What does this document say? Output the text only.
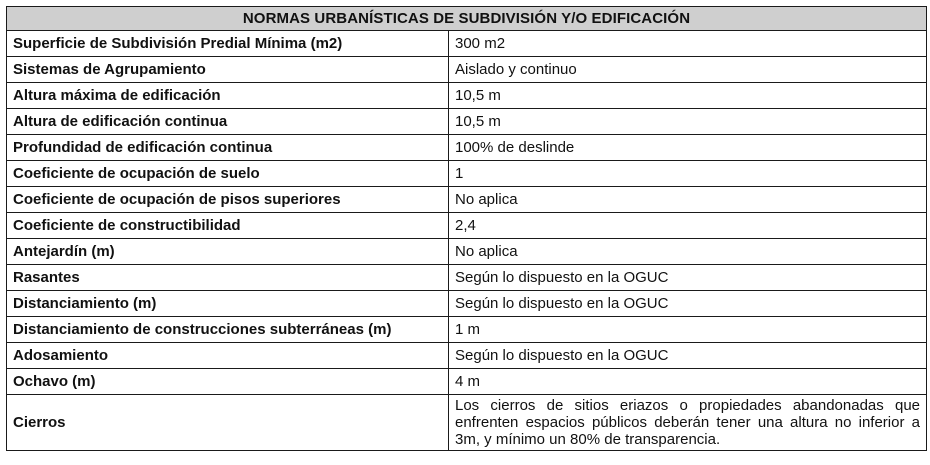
NORMAS URBANÍSTICAS DE SUBDIVISIÓN Y/O EDIFICACIÓN	
Superficie de Subdivisión Predial Mínima (m2)	300 m2
Sistemas de Agrupamiento	Aislado y continuo
Altura máxima de edificación	10,5 m
Altura de edificación continua	10,5 m
Profundidad de edificación continua	100% de deslinde
Coeficiente de ocupación de suelo	1
Coeficiente de ocupación de pisos superiores	No aplica
Coeficiente de constructibilidad	2,4
Antejardín (m)	No aplica
Rasantes	Según lo dispuesto en la OGUC
Distanciamiento (m)	Según lo dispuesto en la OGUC
Distanciamiento de construcciones subterráneas (m)	1 m
Adosamiento	Según lo dispuesto en la OGUC
Ochavo (m)	4 m
Cierros	Los cierros de sitios eriazos o propiedades abandonadas que enfrenten espacios públicos deberán tener una altura no inferior a 3m, y mínimo un 80% de transparencia.
